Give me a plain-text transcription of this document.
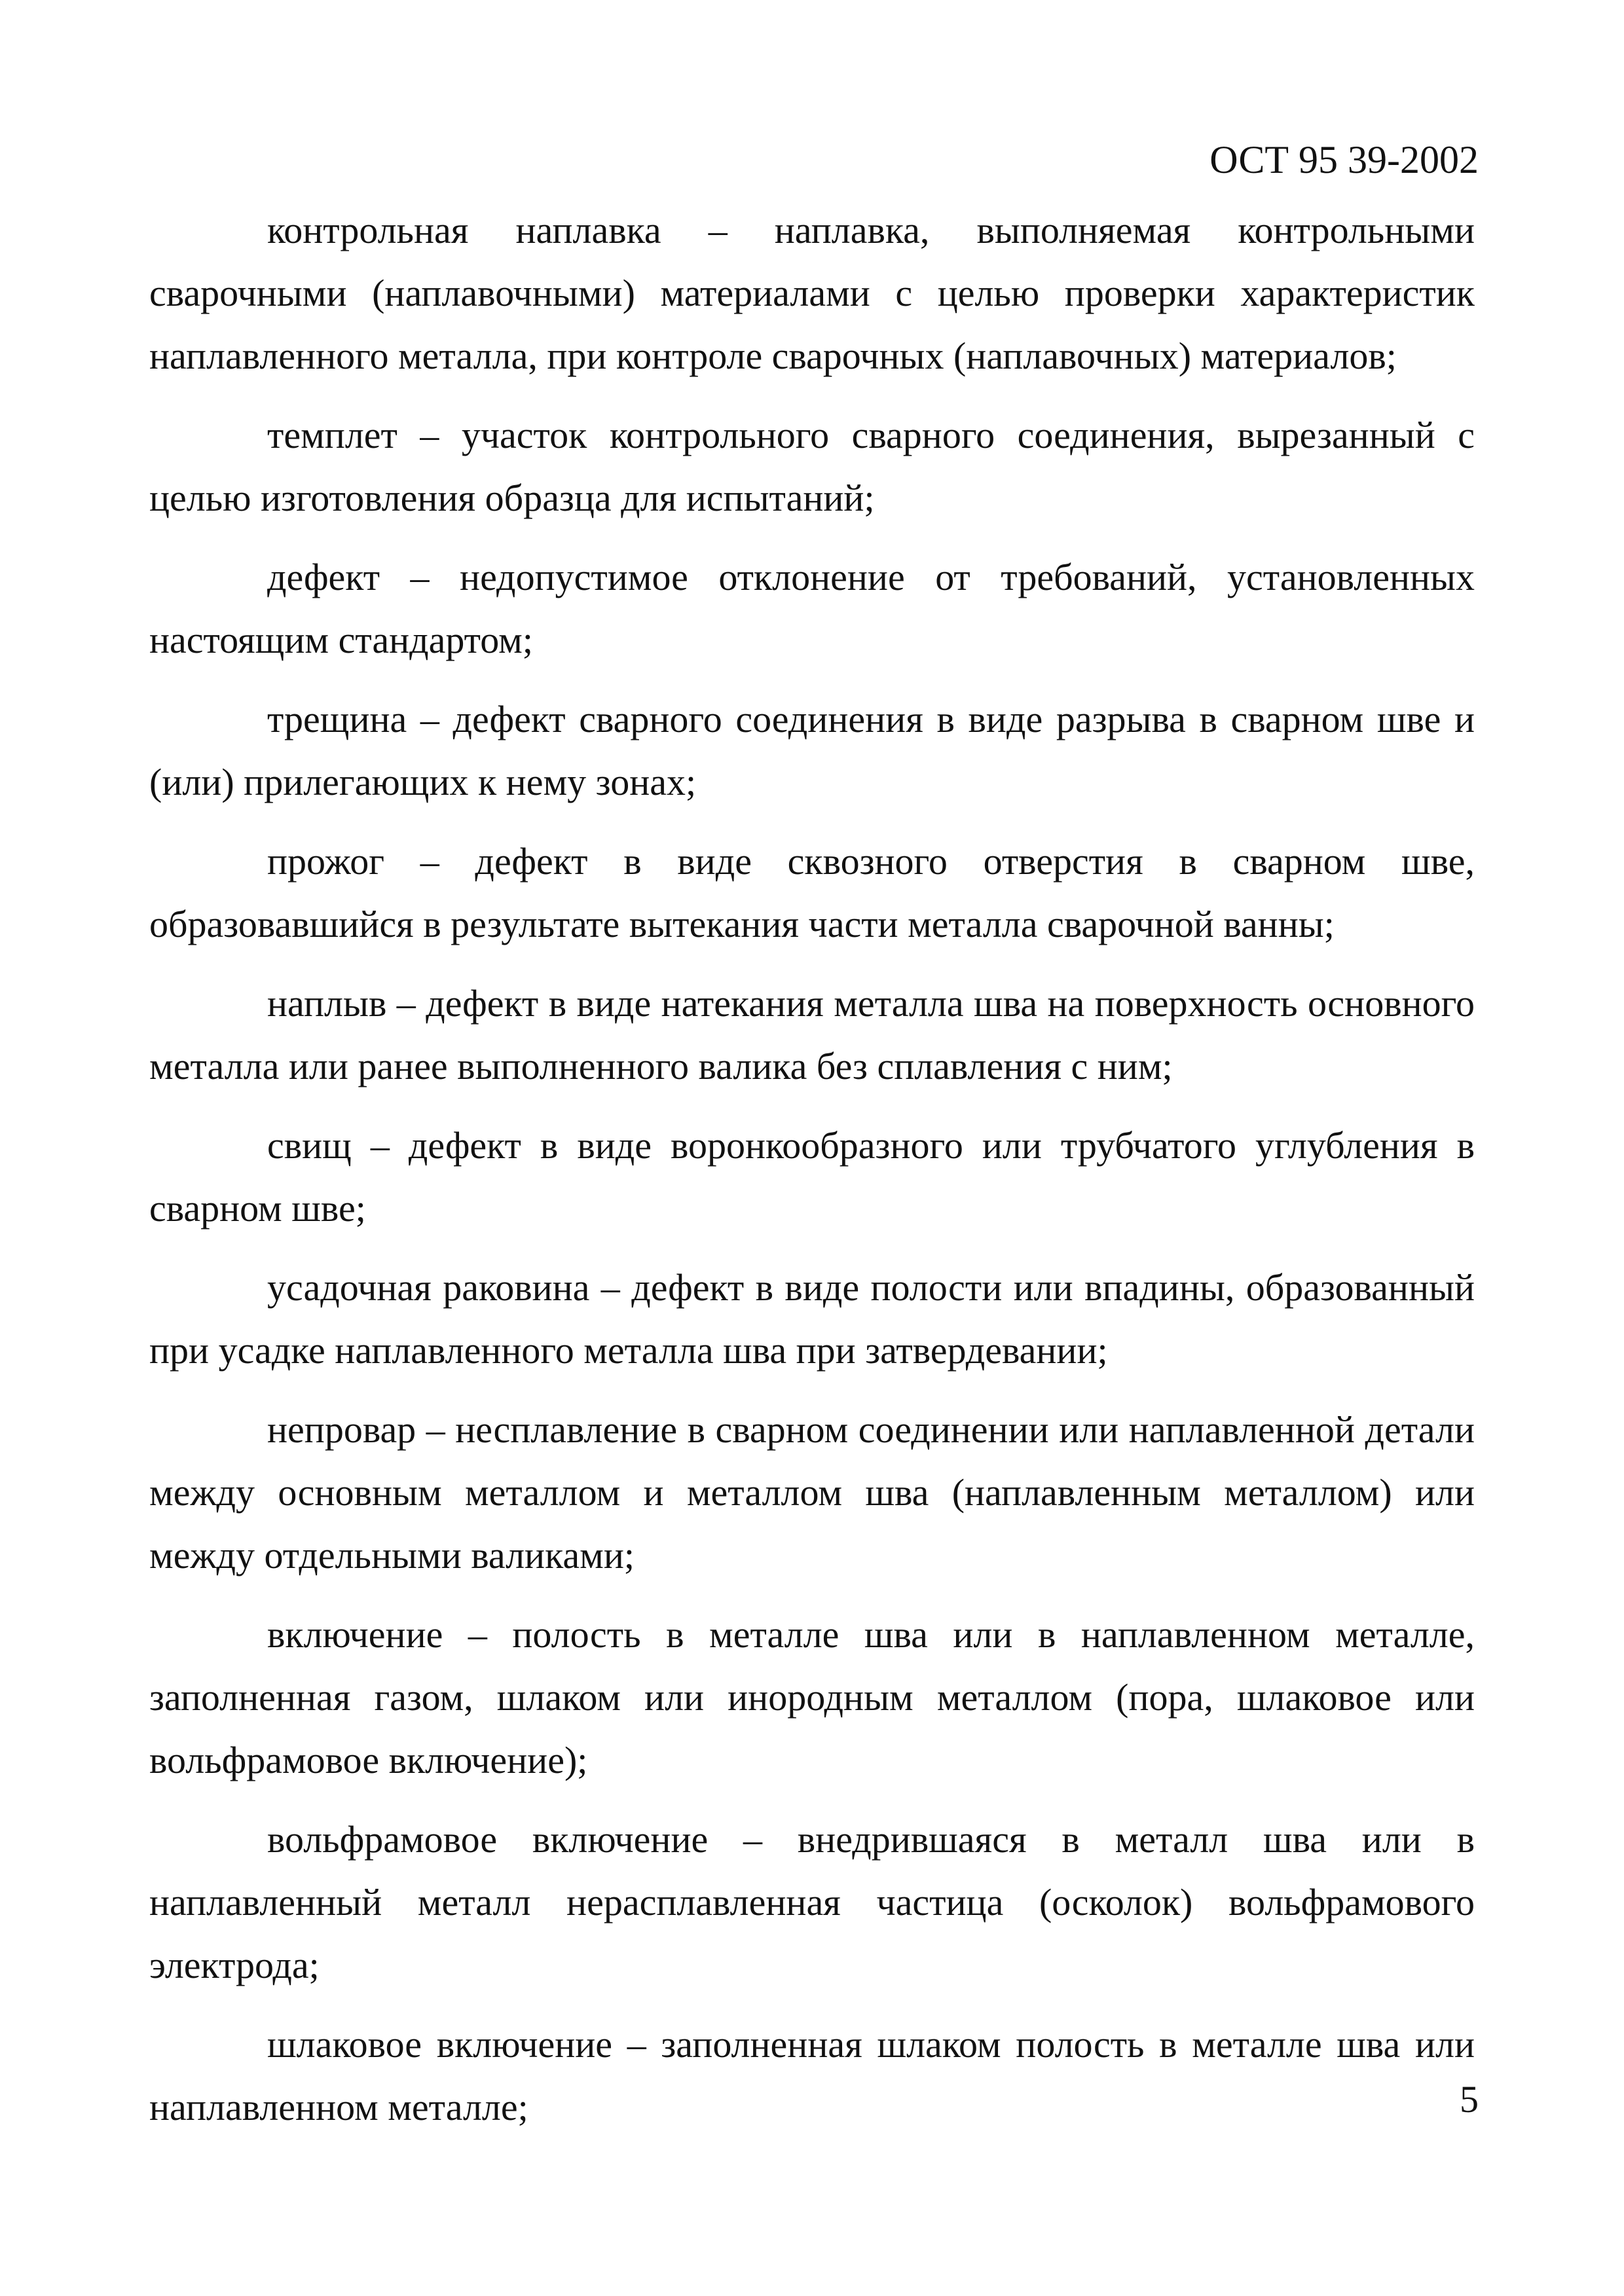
ОСТ 95 39-2002

контрольная наплавка – наплавка, выполняемая контрольными сварочными (наплавочными) материалами с целью проверки характеристик наплавленного металла, при контроле сварочных (наплавочных) материалов;

темплет – участок контрольного сварного соединения, вырезанный с целью изготовления образца для испытаний;

дефект – недопустимое отклонение от требований, установленных настоящим стандартом;

трещина – дефект сварного соединения в виде разрыва в сварном шве и (или) прилегающих к нему зонах;

прожог – дефект в виде сквозного отверстия в сварном шве, образовавшийся в результате вытекания части металла сварочной ванны;

наплыв – дефект в виде натекания металла шва на поверхность основного металла или ранее выполненного валика без сплавления с ним;

свищ – дефект в виде воронкообразного или трубчатого углубления в сварном шве;

усадочная раковина – дефект в виде полости или впадины, образованный при усадке наплавленного металла шва при затвердевании;

непровар – несплавление в сварном соединении или наплавленной детали между основным металлом и металлом шва (наплавленным металлом) или между отдельными валиками;

включение – полость в металле шва или в наплавленном металле, заполненная газом, шлаком или инородным металлом (пора, шлаковое или вольфрамовое включение);

вольфрамовое включение – внедрившаяся в металл шва или в наплавленный металл нерасплавленная частица (осколок) вольфрамового электрода;

шлаковое включение – заполненная шлаком полость в металле шва или наплавленном металле;	5
